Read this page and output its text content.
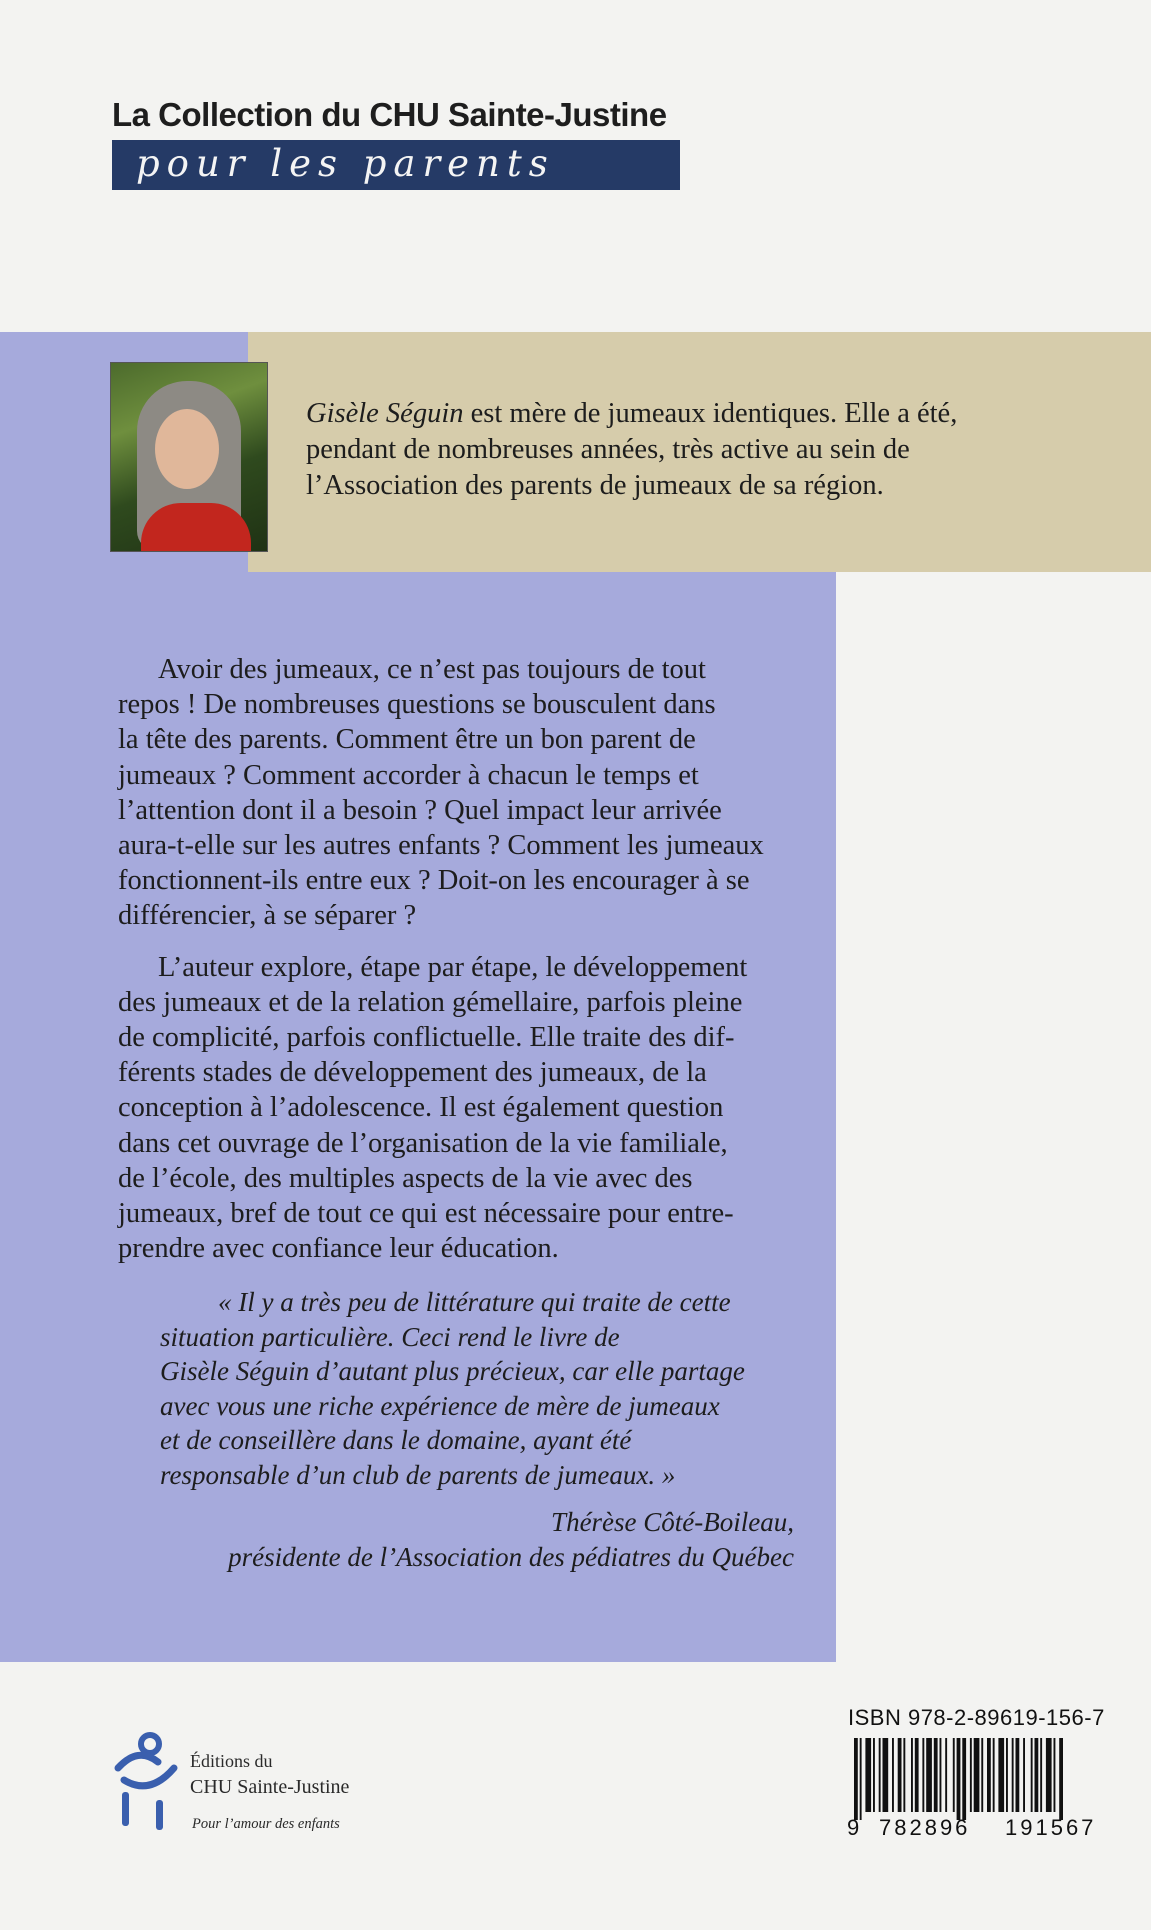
La Collection du CHU Sainte-Justine
pour les parents
Gisèle Séguin est mère de jumeaux identiques. Elle a été,
pendant de nombreuses années, très active au sein de
l’Association des parents de jumeaux de sa région.
Avoir des jumeaux, ce n’est pas toujours de tout
repos ! De nombreuses questions se bousculent dans
la tête des parents. Comment être un bon parent de
jumeaux ? Comment accorder à chacun le temps et
l’attention dont il a besoin ? Quel impact leur arrivée
aura-t-elle sur les autres enfants ? Comment les jumeaux
fonctionnent-ils entre eux ? Doit-on les encourager à se
différencier, à se séparer ?
L’auteur explore, étape par étape, le développement
des jumeaux et de la relation gémellaire, parfois pleine
de complicité, parfois conflictuelle. Elle traite des dif-
férents stades de développement des jumeaux, de la
conception à l’adolescence. Il est également question
dans cet ouvrage de l’organisation de la vie familiale,
de l’école, des multiples aspects de la vie avec des
jumeaux, bref de tout ce qui est nécessaire pour entre-
prendre avec confiance leur éducation.
« Il y a très peu de littérature qui traite de cette
situation particulière. Ceci rend le livre de
Gisèle Séguin d’autant plus précieux, car elle partage
avec vous une riche expérience de mère de jumeaux
et de conseillère dans le domaine, ayant été
responsable d’un club de parents de jumeaux. »
Thérèse Côté-Boileau,
présidente de l’Association des pédiatres du Québec
Éditions du
CHU Sainte-Justine
Pour l’amour des enfants
ISBN 978-2-89619-156-7
9 782896 191567
